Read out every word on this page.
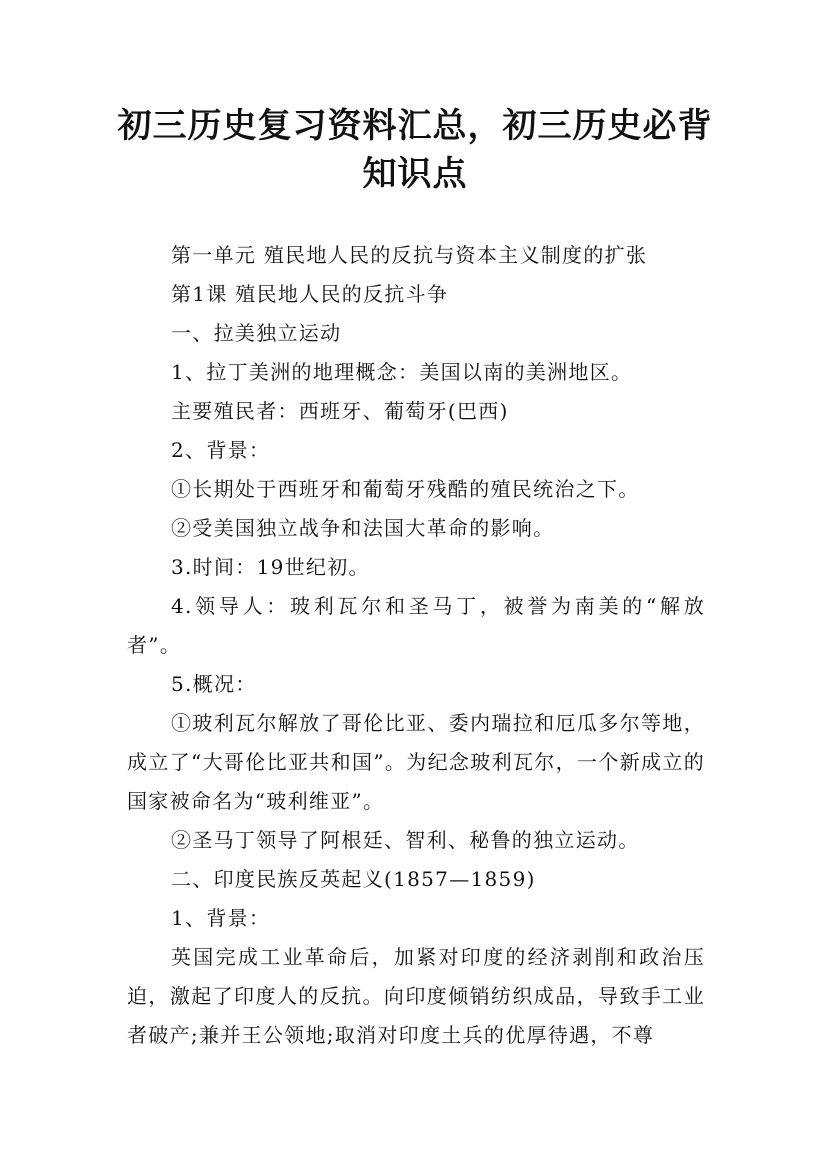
初三历史复习资料汇总，初三历史必背知识点

第一单元 殖民地人民的反抗与资本主义制度的扩张

第1课 殖民地人民的反抗斗争

一、拉美独立运动

1、拉丁美洲的地理概念：美国以南的美洲地区。

主要殖民者：西班牙、葡萄牙(巴西)

2、背景：

①长期处于西班牙和葡萄牙残酷的殖民统治之下。

②受美国独立战争和法国大革命的影响。

3.时间：19世纪初。

4.领导人：玻利瓦尔和圣马丁，被誉为南美的“解放者”。

5.概况：

①玻利瓦尔解放了哥伦比亚、委内瑞拉和厄瓜多尔等地，成立了“大哥伦比亚共和国”。为纪念玻利瓦尔，一个新成立的国家被命名为“玻利维亚”。

②圣马丁领导了阿根廷、智利、秘鲁的独立运动。

二、印度民族反英起义(1857—1859)

1、背景：

英国完成工业革命后，加紧对印度的经济剥削和政治压迫，激起了印度人的反抗。向印度倾销纺织成品，导致手工业者破产;兼并王公领地;取消对印度土兵的优厚待遇，不尊
